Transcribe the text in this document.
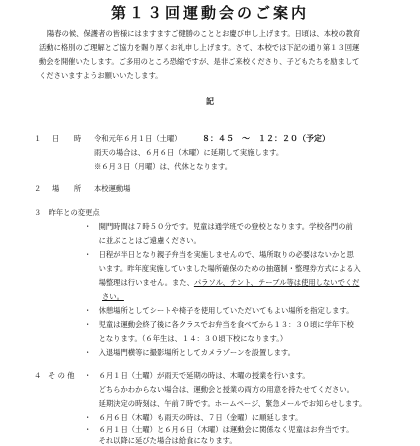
第１３回運動会のご案内
陽春の候、保護者の皆様にはますますご健勝のこととお慶び申し上げます。日頃は、本校の教育
活動に格別のご理解とご協力を賜り厚くお礼申し上げます。さて、本校では下記の通り第１３回運
動会を開催いたします。ご多用のところ恐縮ですが、是非ご来校くださり、子どもたちを励まして
くださいますようお願いいたします。
記
１ 日　　時 令和元年６月１日（土曜）	８：４５　～　１２：２０（予定）
雨天の場合は、６月６日（木曜）に延期して実施します。
※６月３日（月曜）は、代休となります。
２ 場　　所 本校運動場
３　昨年との変更点
・　開門時間は７時５０分です。児童は通学班での登校となります。学校各門の前
　　に並ぶことはご遠慮ください。
・　日程が半日となり親子弁当を実施しませんので、場所取りの必要はないかと思
　　います。昨年度実施していました場所確保のための抽選制・整理券方式による入
　　場整理は行いません。また、パラソル、テント、テーブル等は使用しないでくだ
さい。
・　休憩場所としてシートや椅子を使用していただいてもよい場所を指定します。
・　児童は運動会終了後に各クラスでお弁当を食べてから１３：３０頃に学年下校
　　となります。（６年生は、１４：３０頃下校になります。）
・　入退場門横等に撮影場所としてカメラゾーンを設置します。
４ そ の 他 ・　６月１日（土曜）が雨天で延期の時は、木曜の授業を行います。
　　どちらかわからない場合は、運動会と授業の両方の用意を持たせてください。
　　延期決定の時刻は、午前７時です。ホームページ、緊急メールでお知らせします。
・　６月６日（木曜）も雨天の時は、７日（金曜）に順延します。
・　６月１日（土曜）と６月６日（木曜）は運動会に関係なく児童はお弁当です。
　　それ以降に延びた場合は給食になります。
